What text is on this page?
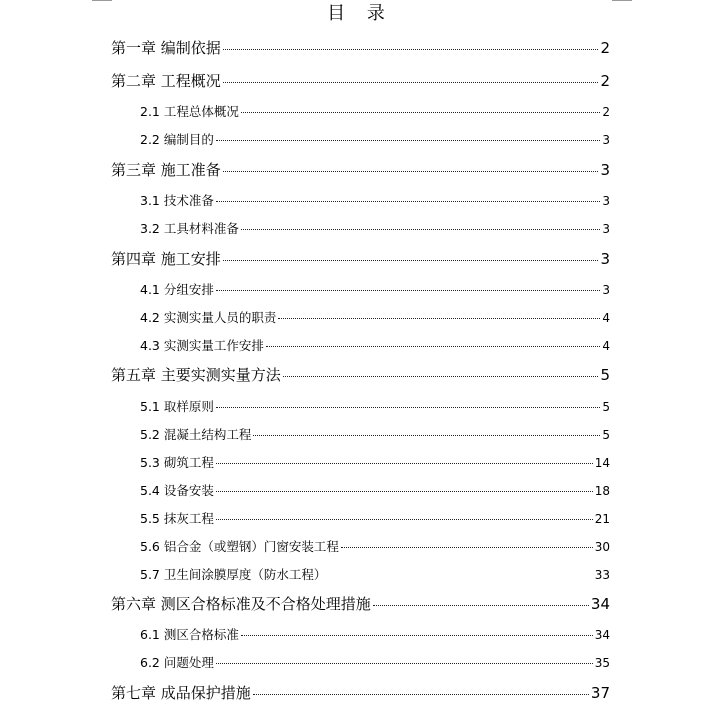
目 录
第一章 编制依据	2
第二章 工程概况	2
2.1 工程总体概况	2
2.2 编制目的	3
第三章 施工准备	3
3.1 技术准备	3
3.2 工具材料准备	3
第四章 施工安排	3
4.1 分组安排	3
4.2 实测实量人员的职责	4
4.3 实测实量工作安排	4
第五章 主要实测实量方法	5
5.1 取样原则	5
5.2 混凝土结构工程	5
5.3 砌筑工程	14
5.4 设备安装	18
5.5 抹灰工程	21
5.6 铝合金（或塑钢）门窗安装工程	30
5.7 卫生间涂膜厚度（防水工程）	33
第六章 测区合格标准及不合格处理措施	34
6.1 测区合格标准	34
6.2 问题处理	35
第七章 成品保护措施	37
